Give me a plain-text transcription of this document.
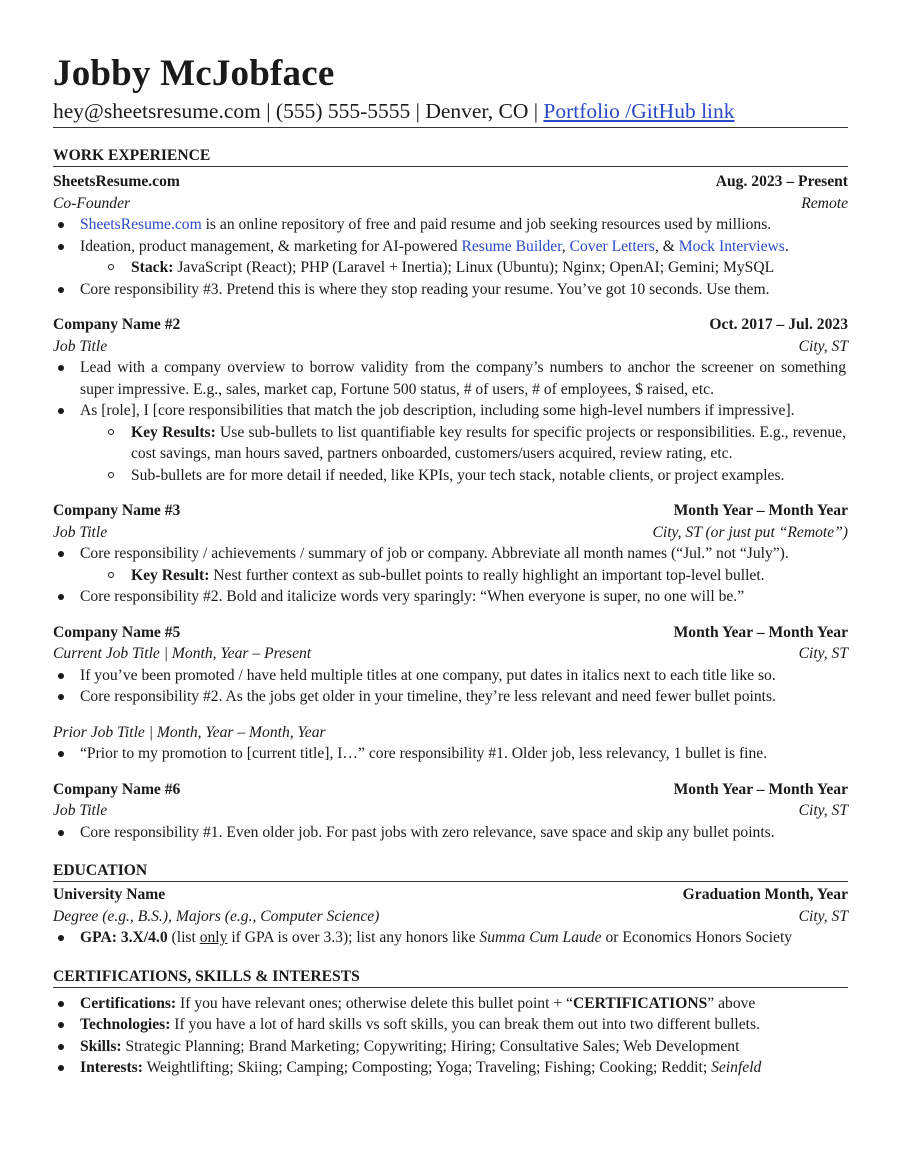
Jobby McJobface
hey@sheetsresume.com | (555) 555-5555 | Denver, CO | Portfolio /GitHub link
WORK EXPERIENCE
SheetsResume.com	Aug. 2023 – Present
Co-Founder	Remote
SheetsResume.com is an online repository of free and paid resume and job seeking resources used by millions.
Ideation, product management, & marketing for AI-powered Resume Builder, Cover Letters, & Mock Interviews.
Stack: JavaScript (React); PHP (Laravel + Inertia); Linux (Ubuntu); Nginx; OpenAI; Gemini; MySQL
Core responsibility #3. Pretend this is where they stop reading your resume. You’ve got 10 seconds. Use them.
Company Name #2	Oct. 2017 – Jul. 2023
Job Title	City, ST
Lead with a company overview to borrow validity from the company’s numbers to anchor the screener on something super impressive. E.g., sales, market cap, Fortune 500 status, # of users, # of employees, $ raised, etc.
As [role], I [core responsibilities that match the job description, including some high-level numbers if impressive].
Key Results: Use sub-bullets to list quantifiable key results for specific projects or responsibilities. E.g., revenue, cost savings, man hours saved, partners onboarded, customers/users acquired, review rating, etc.
Sub-bullets are for more detail if needed, like KPIs, your tech stack, notable clients, or project examples.
Company Name #3	Month Year – Month Year
Job Title	City, ST (or just put “Remote”)
Core responsibility / achievements / summary of job or company. Abbreviate all month names (“Jul.” not “July”).
Key Result: Nest further context as sub-bullet points to really highlight an important top-level bullet.
Core responsibility #2. Bold and italicize words very sparingly: “When everyone is super, no one will be.”
Company Name #5	Month Year – Month Year
Current Job Title | Month, Year – Present	City, ST
If you’ve been promoted / have held multiple titles at one company, put dates in italics next to each title like so.
Core responsibility #2. As the jobs get older in your timeline, they’re less relevant and need fewer bullet points.
Prior Job Title | Month, Year – Month, Year
“Prior to my promotion to [current title], I…” core responsibility #1. Older job, less relevancy, 1 bullet is fine.
Company Name #6	Month Year – Month Year
Job Title	City, ST
Core responsibility #1. Even older job. For past jobs with zero relevance, save space and skip any bullet points.
EDUCATION
University Name	Graduation Month, Year
Degree (e.g., B.S.), Majors (e.g., Computer Science)	City, ST
GPA: 3.X/4.0 (list only if GPA is over 3.3); list any honors like Summa Cum Laude or Economics Honors Society
CERTIFICATIONS, SKILLS & INTERESTS
Certifications: If you have relevant ones; otherwise delete this bullet point + “CERTIFICATIONS” above
Technologies: If you have a lot of hard skills vs soft skills, you can break them out into two different bullets.
Skills: Strategic Planning; Brand Marketing; Copywriting; Hiring; Consultative Sales; Web Development
Interests: Weightlifting; Skiing; Camping; Composting; Yoga; Traveling; Fishing; Cooking; Reddit; Seinfeld
